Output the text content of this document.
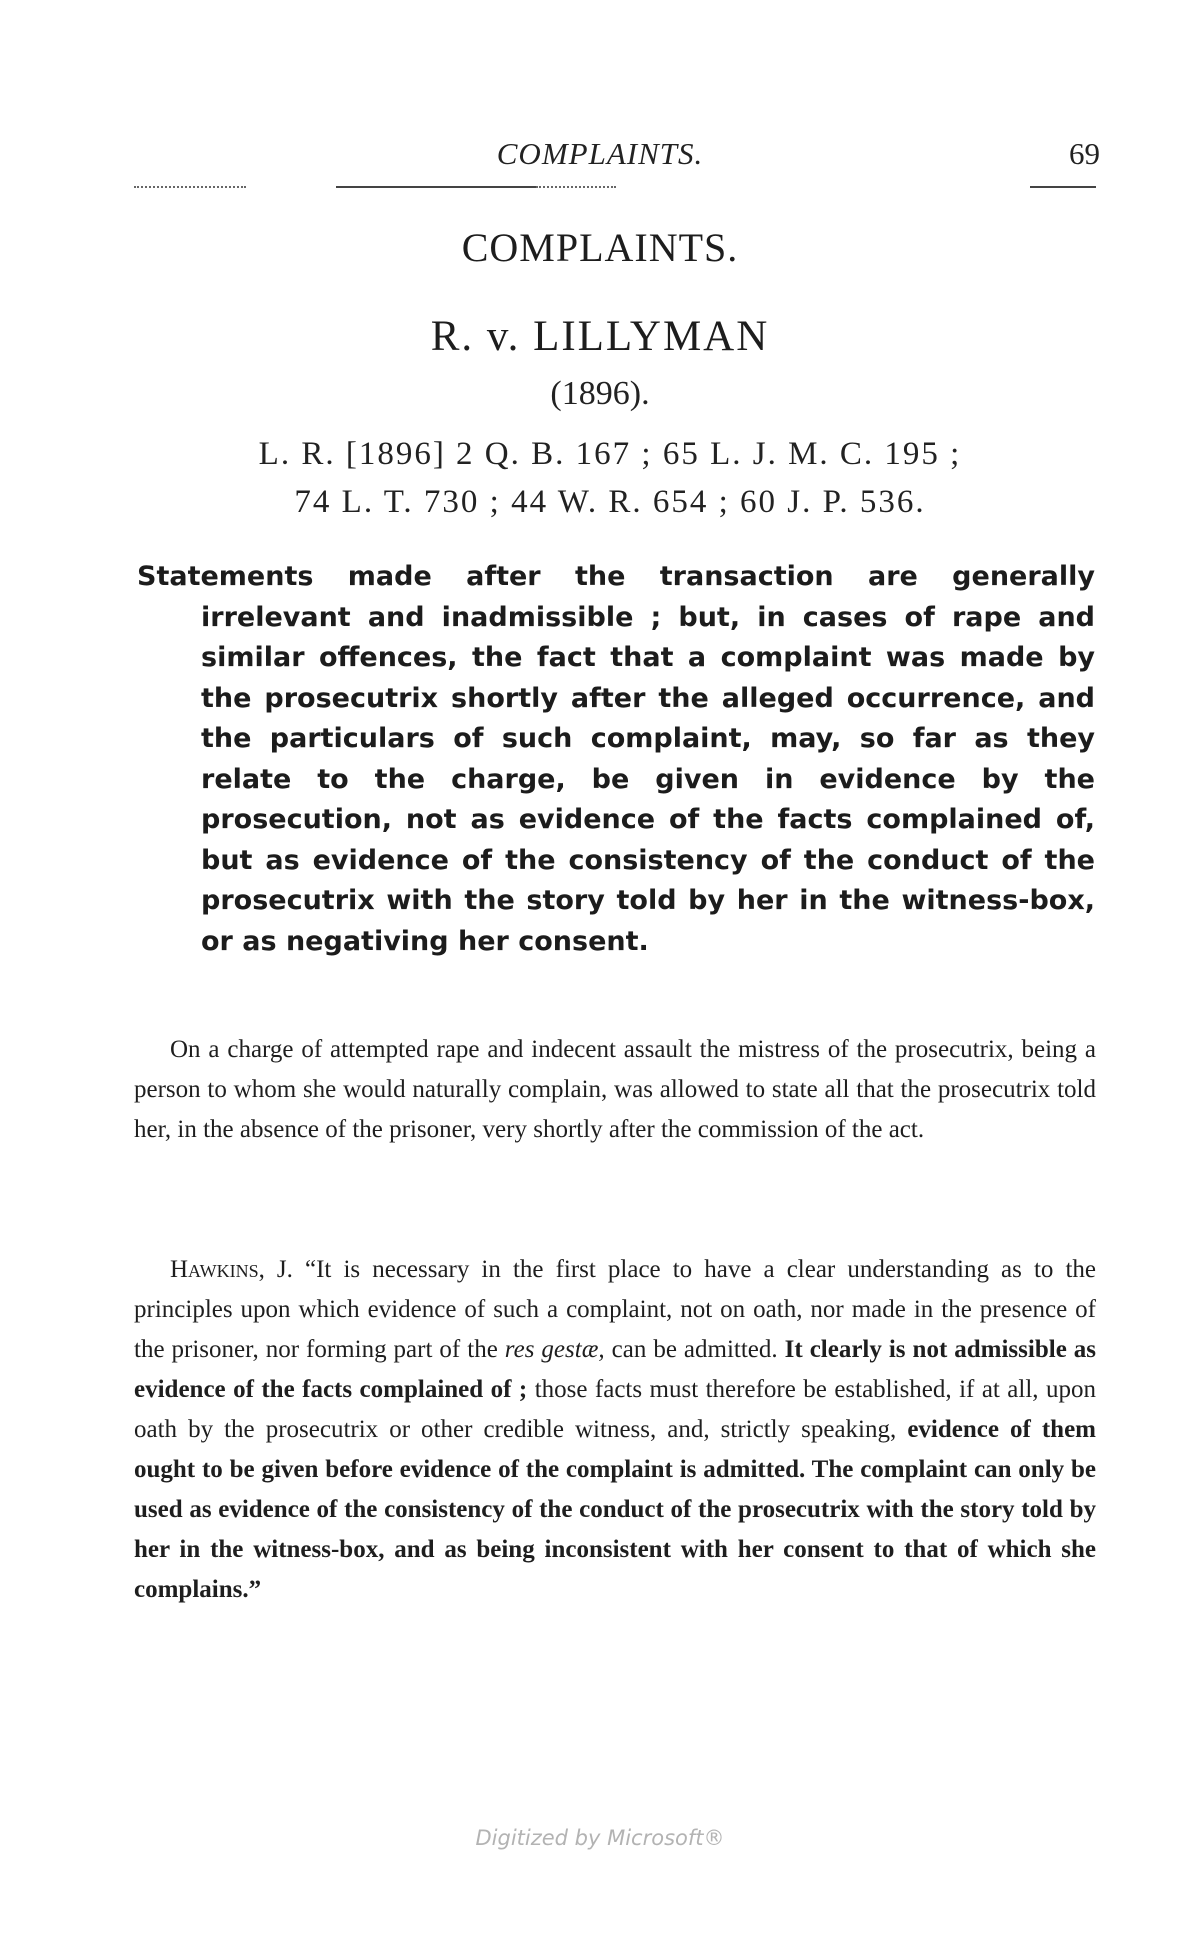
COMPLAINTS.	69
COMPLAINTS.
R. v. LILLYMAN
(1896).
L. R. [1896] 2 Q. B. 167 ; 65 L. J. M. C. 195 ;
74 L. T. 730 ; 44 W. R. 654 ; 60 J. P. 536.
Statements made after the transaction are generally irrelevant and inadmissible ; but, in cases of rape and similar offences, the fact that a complaint was made by the prosecutrix shortly after the alleged occurrence, and the particulars of such complaint, may, so far as they relate to the charge, be given in evidence by the prosecution, not as evidence of the facts complained of, but as evidence of the consistency of the conduct of the prosecutrix with the story told by her in the witness-box, or as negativing her consent.
On a charge of attempted rape and indecent assault the mistress of the prosecutrix, being a person to whom she would naturally complain, was allowed to state all that the prosecutrix told her, in the absence of the prisoner, very shortly after the commission of the act.
Hawkins, J. “It is necessary in the first place to have a clear understanding as to the principles upon which evidence of such a complaint, not on oath, nor made in the presence of the prisoner, nor forming part of the res gestæ, can be admitted. It clearly is not admissible as evidence of the facts complained of ; those facts must therefore be established, if at all, upon oath by the prosecutrix or other credible witness, and, strictly speaking, evidence of them ought to be given before evidence of the complaint is admitted. The complaint can only be used as evidence of the consistency of the conduct of the prosecutrix with the story told by her in the witness-box, and as being inconsistent with her consent to that of which she complains.”
Digitized by Microsoft®
